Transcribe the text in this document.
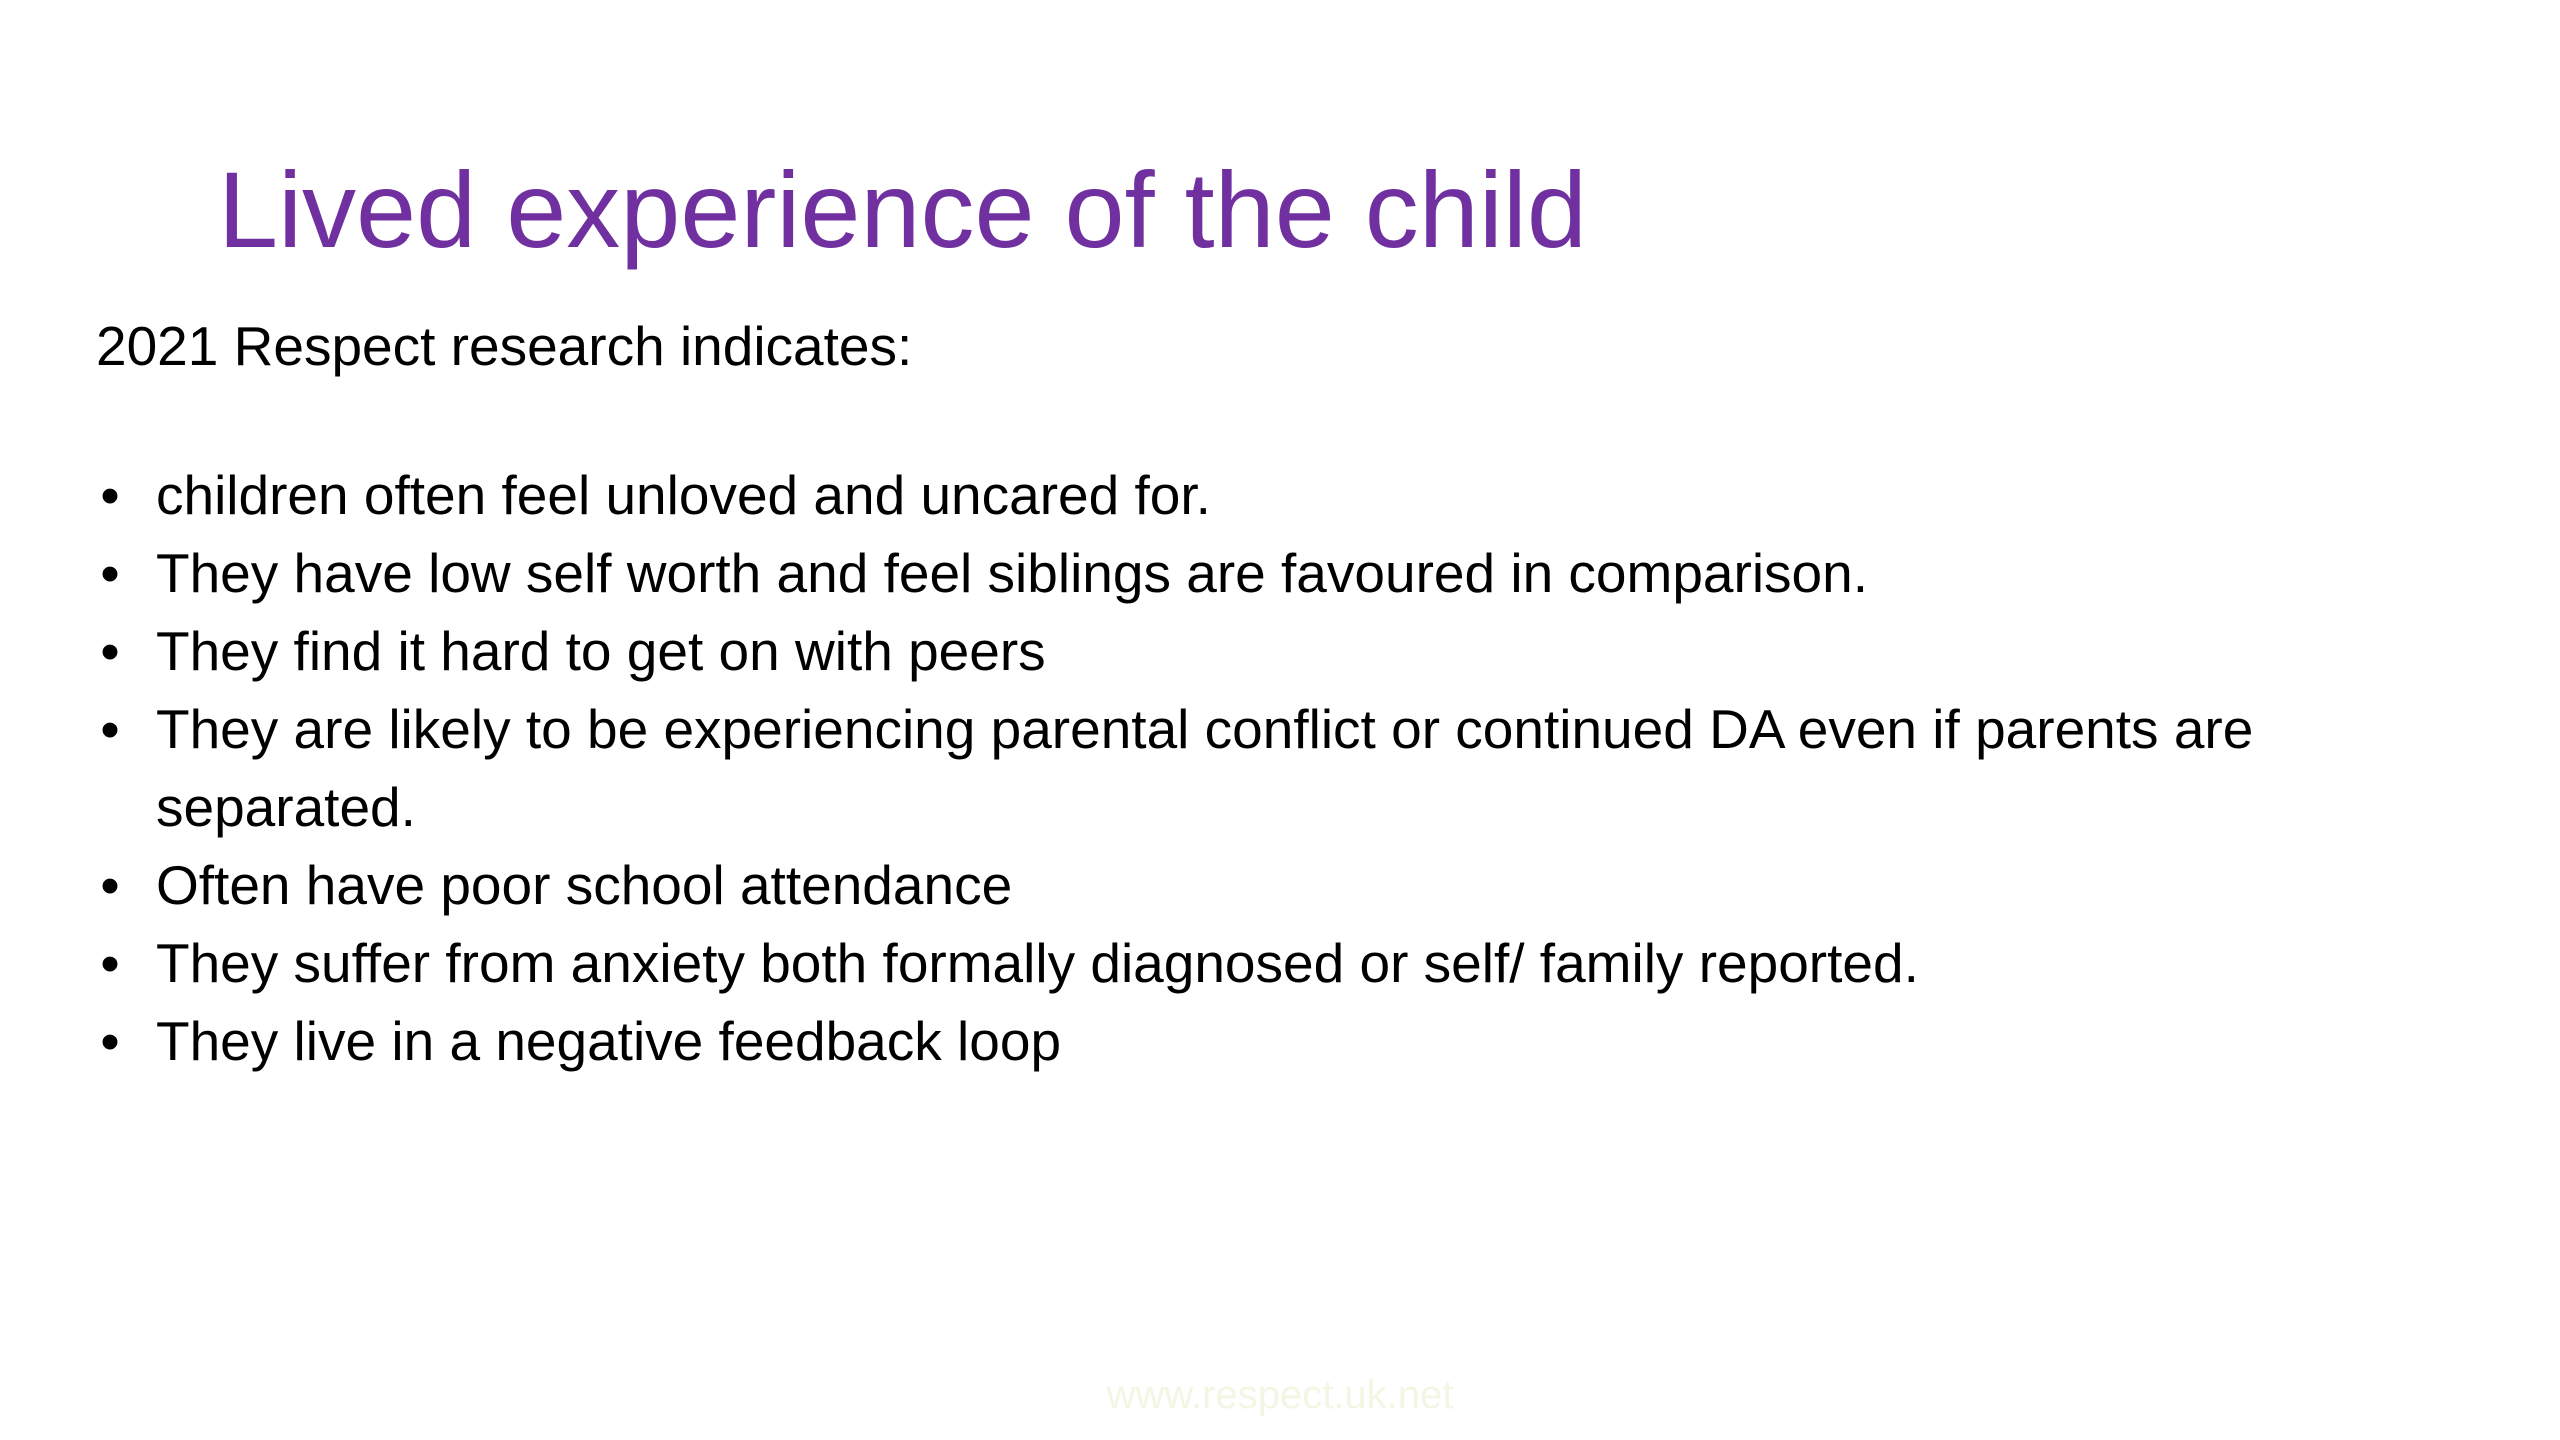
Lived experience of the child
2021 Respect research indicates:
• children often feel unloved and uncared for.
• They have low self worth and feel siblings are favoured in comparison.
• They find it hard to get on with peers
• They are likely to be experiencing parental conflict or continued DA even if parents are separated.
• Often have poor school attendance
• They suffer from anxiety both formally diagnosed or self/ family reported.
• They live in a negative feedback loop
www.respect.uk.net
